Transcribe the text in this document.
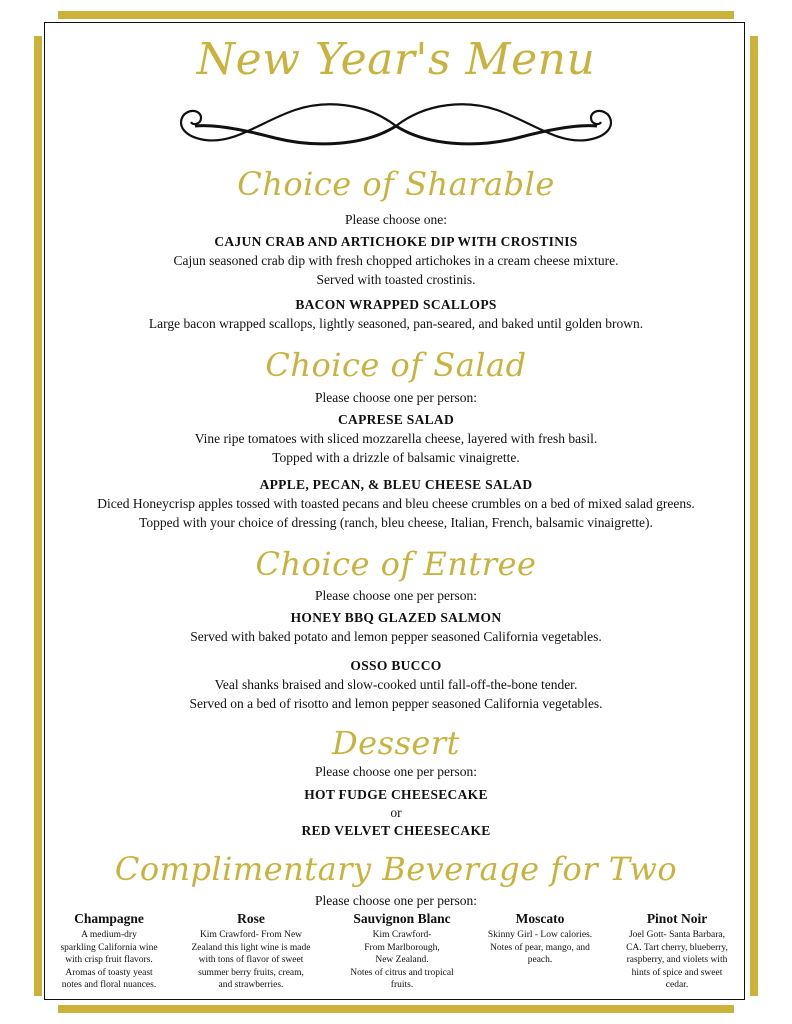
New Year's Menu
Choice of Sharable

Please choose one:

CAJUN CRAB AND ARTICHOKE DIP WITH CROSTINIS

Cajun seasoned crab dip with fresh chopped artichokes in a cream cheese mixture.

Served with toasted crostinis.

BACON WRAPPED SCALLOPS

Large bacon wrapped scallops, lightly seasoned, pan-seared, and baked until golden brown.

Choice of Salad

Please choose one per person:

CAPRESE SALAD

Vine ripe tomatoes with sliced mozzarella cheese, layered with fresh basil.

Topped with a drizzle of balsamic vinaigrette.

APPLE, PECAN, & BLEU CHEESE SALAD

Diced Honeycrisp apples tossed with toasted pecans and bleu cheese crumbles on a bed of mixed salad greens.

Topped with your choice of dressing (ranch, bleu cheese, Italian, French, balsamic vinaigrette).

Choice of Entree

Please choose one per person:

HONEY BBQ GLAZED SALMON

Served with baked potato and lemon pepper seasoned California vegetables.

OSSO BUCCO

Veal shanks braised and slow-cooked until fall-off-the-bone tender.

Served on a bed of risotto and lemon pepper seasoned California vegetables.

Dessert

Please choose one per person:

HOT FUDGE CHEESECAKE

or

RED VELVET CHEESECAKE

Complimentary Beverage for Two

Please choose one per person:

Champagne
A medium-dry
sparkling California wine
with crisp fruit flavors.
Aromas of toasty yeast
notes and floral nuances.
Rose
Kim Crawford- From New
Zealand this light wine is made
with tons of flavor of sweet
summer berry fruits, cream,
and strawberries.
Sauvignon Blanc
Kim Crawford-
From Marlborough,
New Zealand.
Notes of citrus and tropical
fruits.
Moscato
Skinny Girl - Low calories.
Notes of pear, mango, and
peach.
Pinot Noir
Joel Gott- Santa Barbara,
CA. Tart cherry, blueberry,
raspberry, and violets with
hints of spice and sweet
cedar.
